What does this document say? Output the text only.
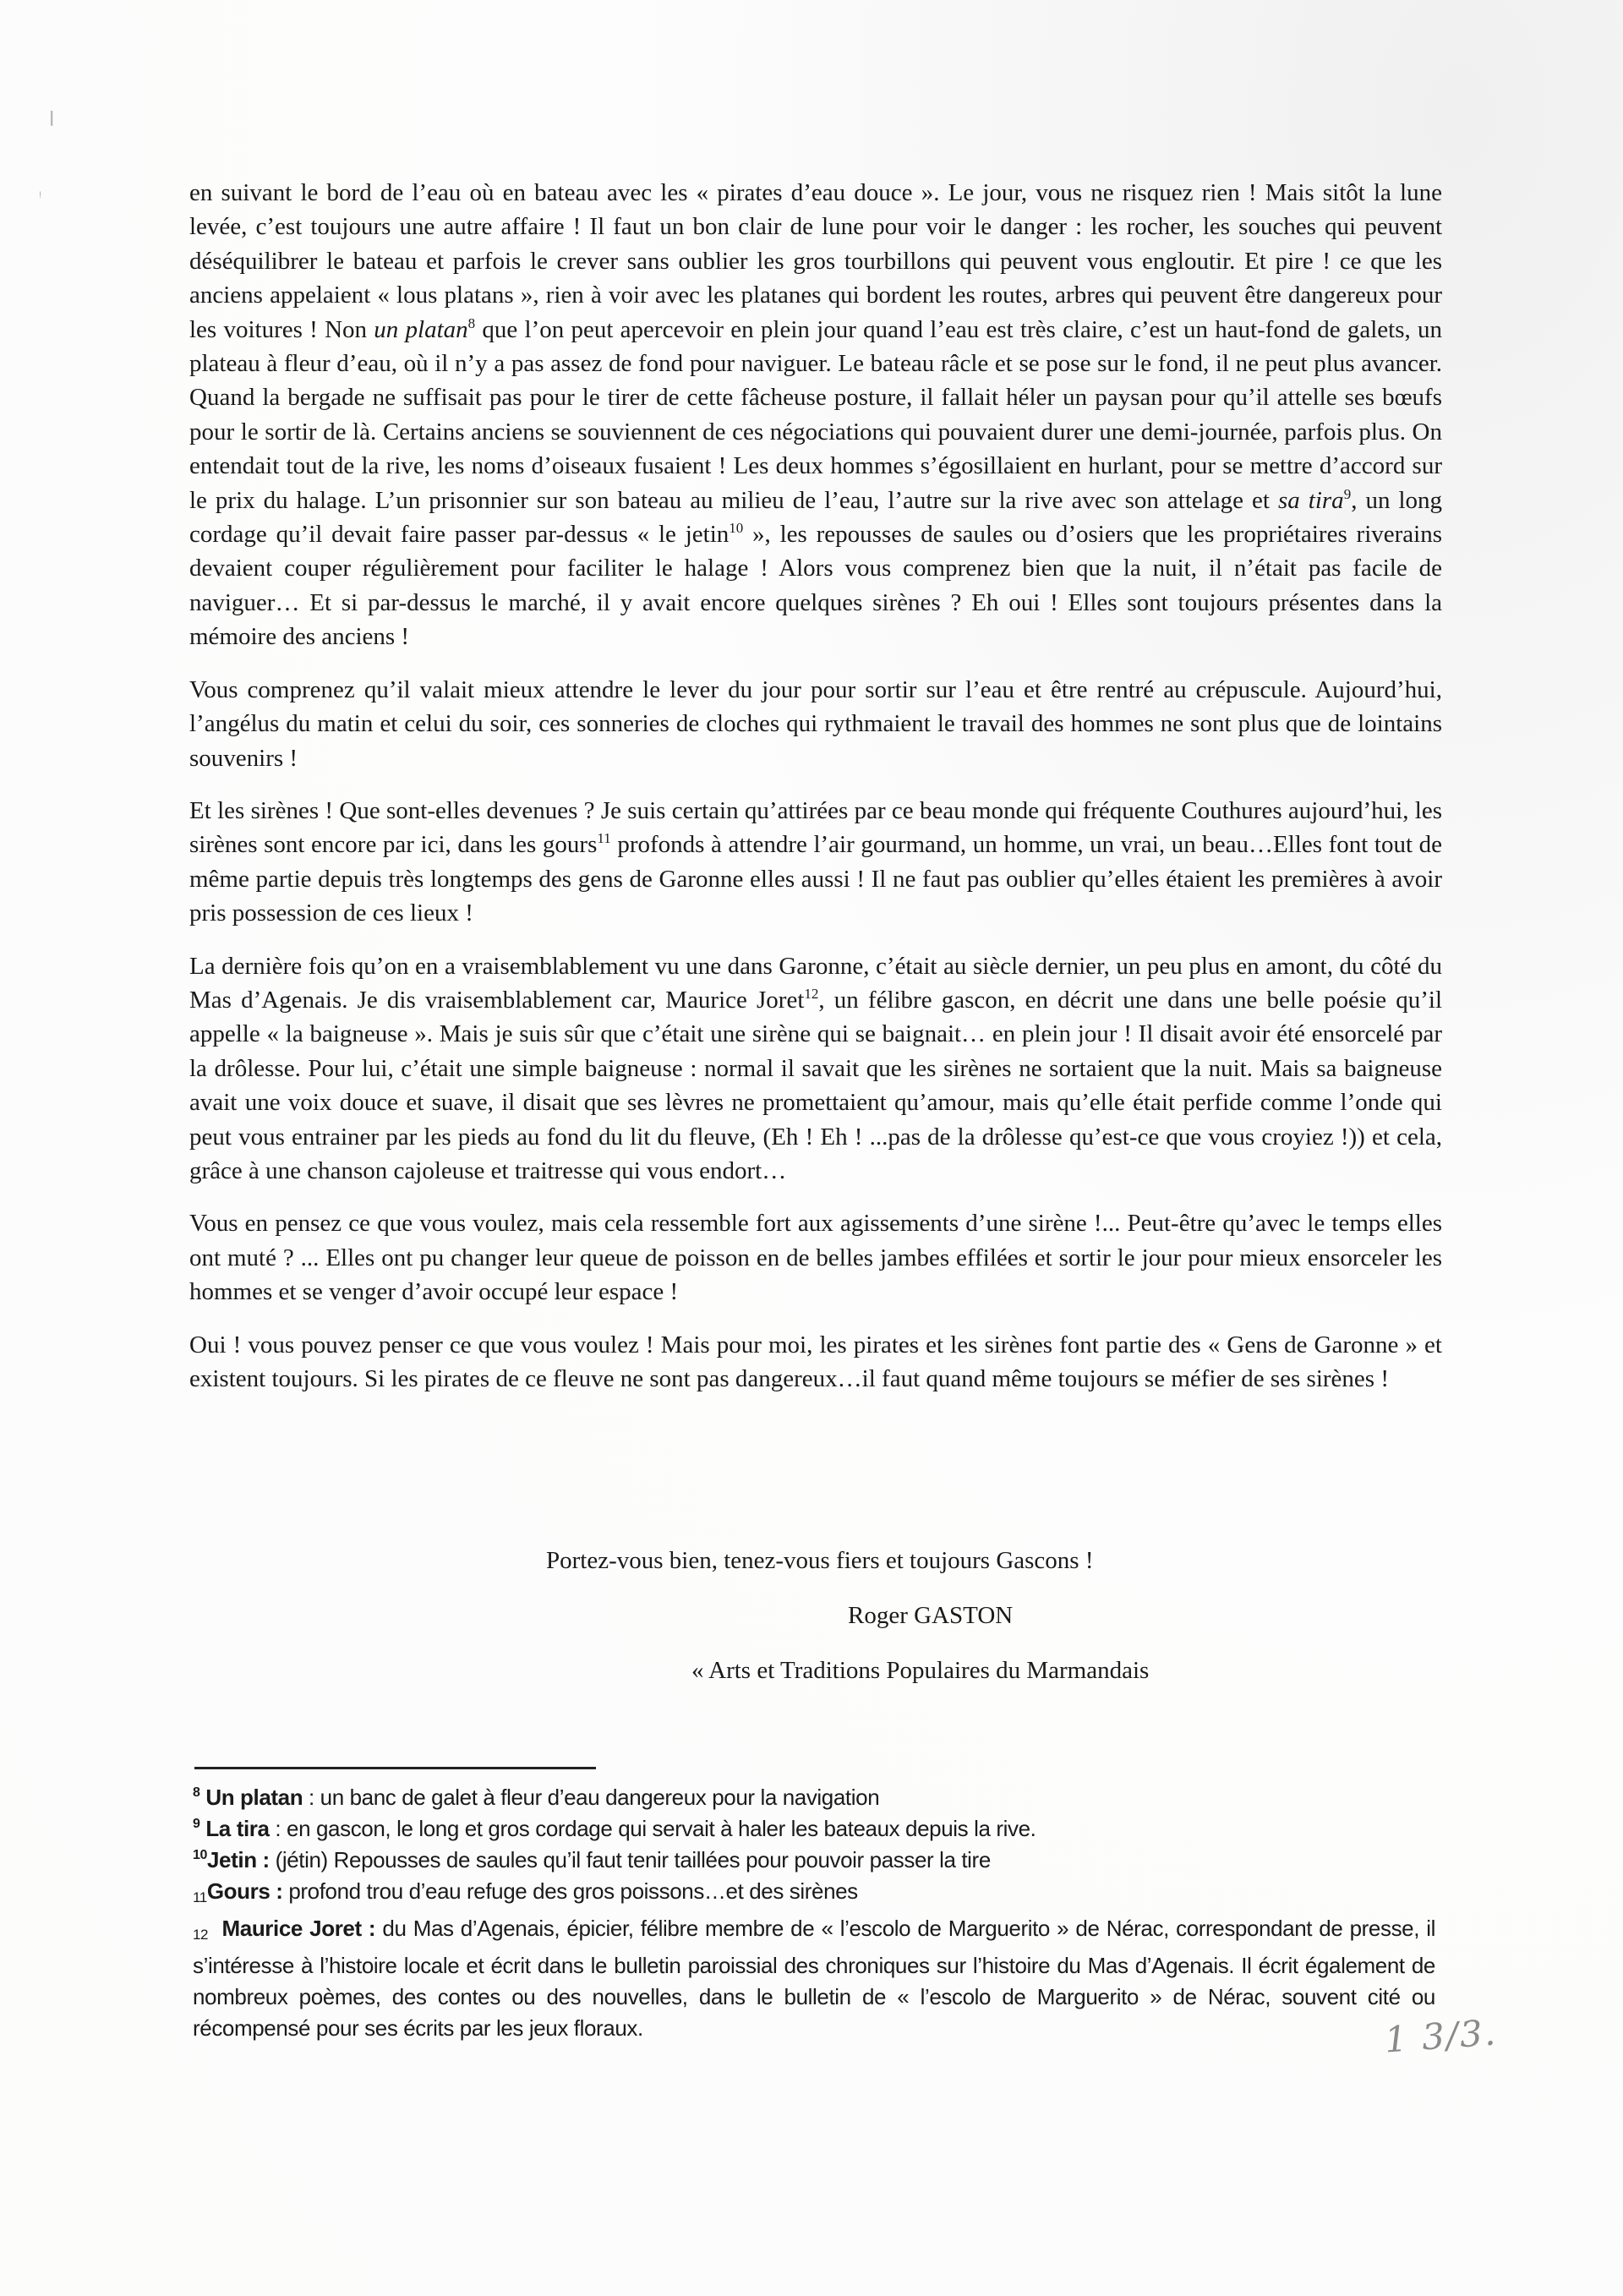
╵
ᵎ	en suivant le bord de l’eau où en bateau avec les « pirates d’eau douce ». Le jour, vous ne risquez rien ! Mais sitôt la lune levée, c’est toujours une autre affaire ! Il faut un bon clair de lune pour voir le danger : les rocher, les souches qui peuvent déséquilibrer le bateau et parfois le crever sans oublier les gros tourbillons qui peuvent vous engloutir. Et pire ! ce que les anciens appelaient « lous platans », rien à voir avec les platanes qui bordent les routes, arbres qui peuvent être dangereux pour les voitures ! Non un platan$^8$ que l’on peut apercevoir en plein jour quand l’eau est très claire, c’est un haut-fond de galets, un plateau à fleur d’eau, où il n’y a pas assez de fond pour naviguer. Le bateau râcle et se pose sur le fond, il ne peut plus avancer. Quand la bergade ne suffisait pas pour le tirer de cette fâcheuse posture, il fallait héler un paysan pour qu’il attelle ses bœufs pour le sortir de là. Certains anciens se souviennent de ces négociations qui pouvaient durer une demi-journée, parfois plus. On entendait tout de la rive, les noms d’oiseaux fusaient ! Les deux hommes s’égosillaient en hurlant, pour se mettre d’accord sur le prix du halage. L’un prisonnier sur son bateau au milieu de l’eau, l’autre sur la rive avec son attelage et sa tira$^9$, un long cordage qu’il devait faire passer par-dessus « le jetin$^{10}$ », les repousses de saules ou d’osiers que les propriétaires riverains devaient couper régulièrement pour faciliter le halage ! Alors vous comprenez bien que la nuit, il n’était pas facile de naviguer… Et si par-dessus le marché, il y avait encore quelques sirènes ? Eh oui ! Elles sont toujours présentes dans la mémoire des anciens !

Vous comprenez qu’il valait mieux attendre le lever du jour pour sortir sur l’eau et être rentré au crépuscule. Aujourd’hui, l’angélus du matin et celui du soir, ces sonneries de cloches qui rythmaient le travail des hommes ne sont plus que de lointains souvenirs !

Et les sirènes ! Que sont-elles devenues ? Je suis certain qu’attirées par ce beau monde qui fréquente Couthures aujourd’hui, les sirènes sont encore par ici, dans les gours$^{11}$ profonds à attendre l’air gourmand, un homme, un vrai, un beau…Elles font tout de même partie depuis très longtemps des gens de Garonne elles aussi ! Il ne faut pas oublier qu’elles étaient les premières à avoir pris possession de ces lieux !

La dernière fois qu’on en a vraisemblablement vu une dans Garonne, c’était au siècle dernier, un peu plus en amont, du côté du Mas d’Agenais. Je dis vraisemblablement car, Maurice Joret$^{12}$, un félibre gascon, en décrit une dans une belle poésie qu’il appelle « la baigneuse ». Mais je suis sûr que c’était une sirène qui se baignait… en plein jour ! Il disait avoir été ensorcelé par la drôlesse. Pour lui, c’était une simple baigneuse : normal il savait que les sirènes ne sortaient que la nuit. Mais sa baigneuse avait une voix douce et suave, il disait que ses lèvres ne promettaient qu’amour, mais qu’elle était perfide comme l’onde qui peut vous entrainer par les pieds au fond du lit du fleuve, (Eh ! Eh ! ...pas de la drôlesse qu’est-ce que vous croyiez !)) et cela, grâce à une chanson cajoleuse et traitresse qui vous endort…

Vous en pensez ce que vous voulez, mais cela ressemble fort aux agissements d’une sirène !... Peut-être qu’avec le temps elles ont muté ? ... Elles ont pu changer leur queue de poisson en de belles jambes effilées et sortir le jour pour mieux ensorceler les hommes et se venger d’avoir occupé leur espace !

Oui ! vous pouvez penser ce que vous voulez ! Mais pour moi, les pirates et les sirènes font partie des « Gens de Garonne » et existent toujours. Si les pirates de ce fleuve ne sont pas dangereux…il faut quand même toujours se méfier de ses sirènes !

Portez-vous bien, tenez-vous fiers et toujours Gascons !
Roger GASTON
« Arts et Traditions Populaires du Marmandais

$^8$ Un platan : un banc de galet à fleur d’eau dangereux pour la navigation

$^9$ La tira : en gascon, le long et gros cordage qui servait à haler les bateaux depuis la rive.

$^{10}$Jetin : (jétin) Repousses de saules qu’il faut tenir taillées pour pouvoir passer la tire

$_{11}$Gours : profond trou d’eau refuge des gros poissons…et des sirènes

$_{12}$ Maurice Joret : du Mas d’Agenais, épicier, félibre membre de « l’escolo de Marguerito » de Nérac, correspondant de presse, il s’intéresse à l’histoire locale et écrit dans le bulletin paroissial des chroniques sur l’histoire du Mas d’Agenais. Il écrit également de nombreux poèmes, des contes ou des nouvelles, dans le bulletin de « l’escolo de Marguerito » de Nérac, souvent cité ou récompensé pour ses écrits par les jeux floraux.	1 3/3.
